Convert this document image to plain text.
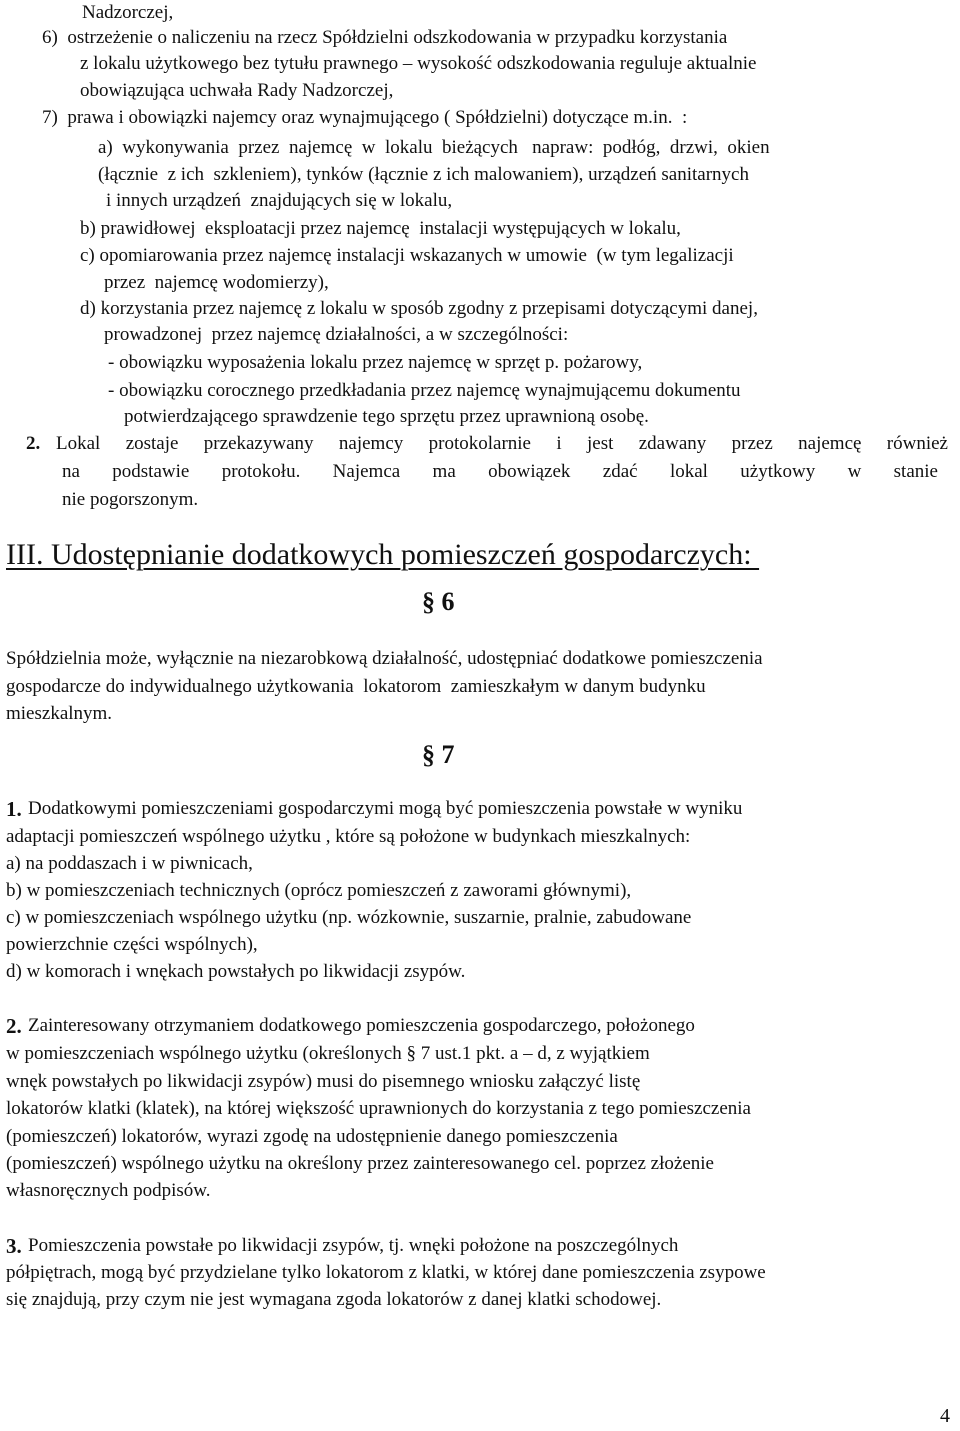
Nadzorczej,
6)  ostrzeżenie o naliczeniu na rzecz Spółdzielni odszkodowania w przypadku korzystania
z lokalu użytkowego bez tytułu prawnego – wysokość odszkodowania reguluje aktualnie
obowiązująca uchwała Rady Nadzorczej,
7)  prawa i obowiązki najemcy oraz wynajmującego ( Spółdzielni) dotyczące m.in.  :
a)  wykonywania  przez  najemcę  w  lokalu  bieżących   napraw:  podłóg,  drzwi,  okien
(łącznie  z ich  szkleniem), tynków (łącznie z ich malowaniem), urządzeń sanitarnych
i innych urządzeń  znajdujących się w lokalu,
b) prawidłowej  eksploatacji przez najemcę  instalacji występujących w lokalu,
c) opomiarowania przez najemcę instalacji wskazanych w umowie  (w tym legalizacji
przez  najemcę wodomierzy),
d) korzystania przez najemcę z lokalu w sposób zgodny z przepisami dotyczącymi danej,
prowadzonej  przez najemcę działalności, a w szczególności:
- obowiązku wyposażenia lokalu przez najemcę w sprzęt p. pożarowy,
- obowiązku corocznego przedkładania przez najemcę wynajmującemu dokumentu
potwierdzającego sprawdzenie tego sprzętu przez uprawnioną osobę.
2. Lokal zostaje przekazywany najemcy protokolarnie i jest zdawany przez najemcę również
na podstawie protokołu. Najemca ma obowiązek zdać lokal użytkowy w stanie
nie pogorszonym.
III. Udostępnianie dodatkowych pomieszczeń gospodarczych:
§ 6
Spółdzielnia może, wyłącznie na niezarobkową działalność, udostępniać dodatkowe pomieszczenia
gospodarcze do indywidualnego użytkowania  lokatorom  zamieszkałym w danym budynku
mieszkalnym.
§ 7
1. Dodatkowymi pomieszczeniami gospodarczymi mogą być pomieszczenia powstałe w wyniku
adaptacji pomieszczeń wspólnego użytku , które są położone w budynkach mieszkalnych:
a) na poddaszach i w piwnicach,
b) w pomieszczeniach technicznych (oprócz pomieszczeń z zaworami głównymi),
c) w pomieszczeniach wspólnego użytku (np. wózkownie, suszarnie, pralnie, zabudowane
powierzchnie części wspólnych),
d) w komorach i wnękach powstałych po likwidacji zsypów.
2. Zainteresowany otrzymaniem dodatkowego pomieszczenia gospodarczego, położonego
w pomieszczeniach wspólnego użytku (określonych § 7 ust.1 pkt. a – d, z wyjątkiem
wnęk powstałych po likwidacji zsypów) musi do pisemnego wniosku załączyć listę
lokatorów klatki (klatek), na której większość uprawnionych do korzystania z tego pomieszczenia
(pomieszczeń) lokatorów, wyrazi zgodę na udostępnienie danego pomieszczenia
(pomieszczeń) wspólnego użytku na określony przez zainteresowanego cel. poprzez złożenie
własnoręcznych podpisów.
3. Pomieszczenia powstałe po likwidacji zsypów, tj. wnęki położone na poszczególnych
półpiętrach, mogą być przydzielane tylko lokatorom z klatki, w której dane pomieszczenia zsypowe
się znajdują, przy czym nie jest wymagana zgoda lokatorów z danej klatki schodowej.
4
